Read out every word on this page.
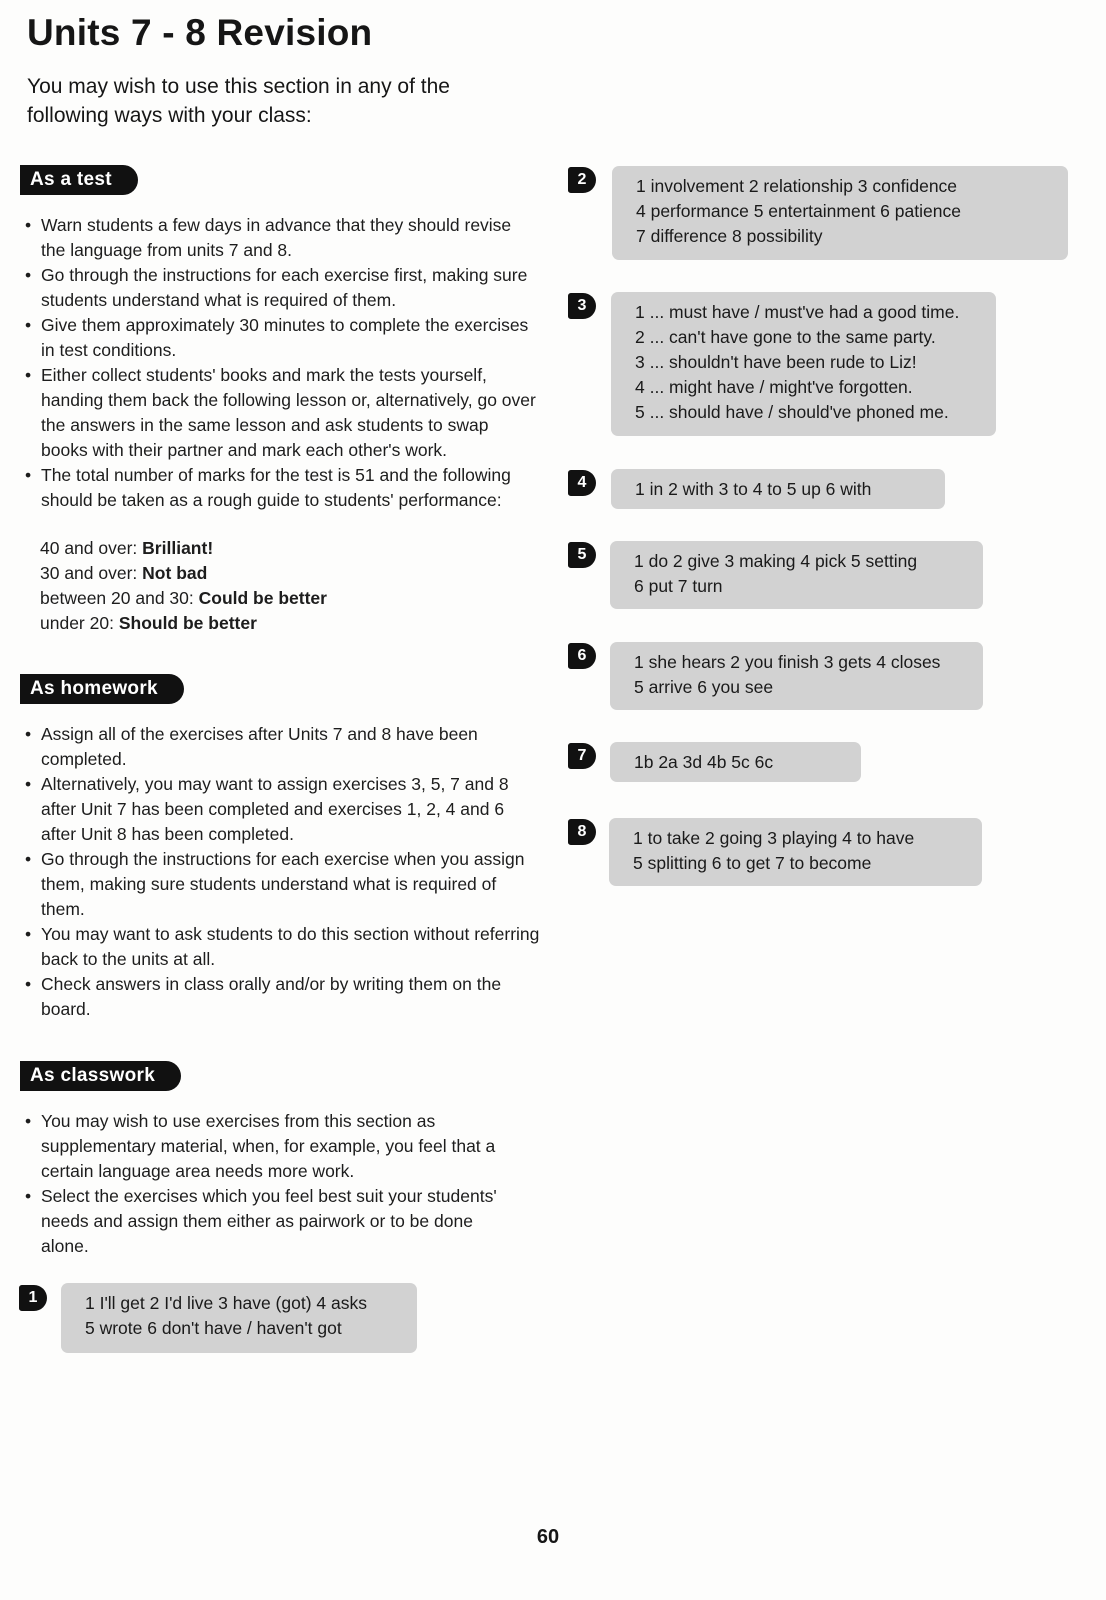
Units 7 - 8 Revision

You may wish to use this section in any of the following ways with your class:

As a test
• Warn students a few days in advance that they should revise the language from units 7 and 8.
• Go through the instructions for each exercise first, making sure students understand what is required of them.
• Give them approximately 30 minutes to complete the exercises in test conditions.
• Either collect students' books and mark the tests yourself, handing them back the following lesson or, alternatively, go over the answers in the same lesson and ask students to swap books with their partner and mark each other's work.
• The total number of marks for the test is 51 and the following should be taken as a rough guide to students' performance:
40 and over: Brilliant!
30 and over: Not bad
between 20 and 30: Could be better
under 20: Should be better
As homework
• Assign all of the exercises after Units 7 and 8 have been completed.
• Alternatively, you may want to assign exercises 3, 5, 7 and 8 after Unit 7 has been completed and exercises 1, 2, 4 and 6 after Unit 8 has been completed.
• Go through the instructions for each exercise when you assign them, making sure students understand what is required of them.
• You may want to ask students to do this section without referring back to the units at all.
• Check answers in class orally and/or by writing them on the board.
As classwork
• You may wish to use exercises from this section as supplementary material, when, for example, you feel that a certain language area needs more work.
• Select the exercises which you feel best suit your students' needs and assign them either as pairwork or to be done alone.
1	1 I'll get 2 I'd live 3 have (got) 4 asks
5 wrote 6 don't have / haven't got
2	1 involvement 2 relationship 3 confidence
4 performance 5 entertainment 6 patience
7 difference 8 possibility
3	1 ... must have / must've had a good time.
2 ... can't have gone to the same party.
3 ... shouldn't have been rude to Liz!
4 ... might have / might've forgotten.
5 ... should have / should've phoned me.
4	1 in 2 with 3 to 4 to 5 up 6 with
5	1 do 2 give 3 making 4 pick 5 setting
6 put 7 turn
6	1 she hears 2 you finish 3 gets 4 closes
5 arrive 6 you see
7	1b 2a 3d 4b 5c 6c
8	1 to take 2 going 3 playing 4 to have
5 splitting 6 to get 7 to become
60
